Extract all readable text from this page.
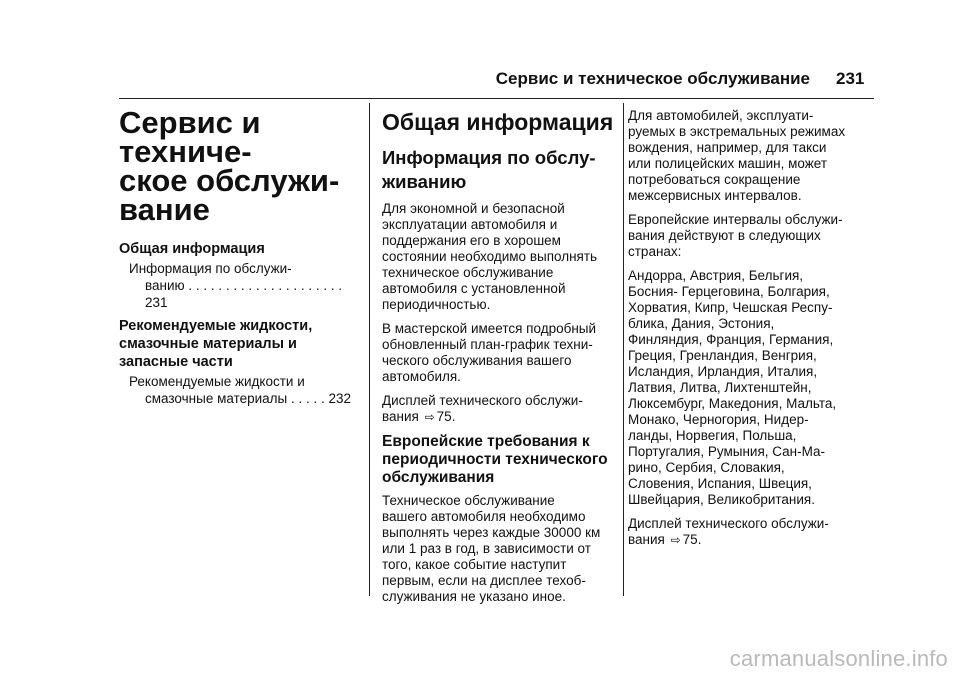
Сервис и техническое обслуживание 231
Сервис и техниче-
ское обслужи-
вание
Общая информация
Информация по обслужи-
ванию . . . . . . . . . . . . . . . . . . . . . 231
Рекомендуемые жидкости,
смазочные материалы и
запасные части
Рекомендуемые жидкости и
смазочные материалы . . . . . 232
Общая информация
Информация по обслу-
живанию

Для экономной и безопасной
эксплуатации автомобиля и
поддержания его в хорошем
состоянии необходимо выполнять
техническое обслуживание
автомобиля с установленной
периодичностью.

В мастерской имеется подробный
обновленный план-график техни-
ческого обслуживания вашего
автомобиля.

Дисплей технического обслужи-
вания ⇨ 75.

Европейские требования к
периодичности технического
обслуживания

Техническое обслуживание
вашего автомобиля необходимо
выполнять через каждые 30000 км
или 1 раз в год, в зависимости от
того, какое событие наступит
первым, если на дисплее техоб-
служивания не указано иное.

Для автомобилей, эксплуати-
руемых в экстремальных режимах
вождения, например, для такси
или полицейских машин, может
потребоваться сокращение
межсервисных интервалов.

Европейские интервалы обслужи-
вания действуют в следующих
странах:

Андорра, Австрия, Бельгия,
Босния- Герцеговина, Болгария,
Хорватия, Кипр, Чешская Респу-
блика, Дания, Эстония,
Финляндия, Франция, Германия,
Греция, Гренландия, Венгрия,
Исландия, Ирландия, Италия,
Латвия, Литва, Лихтенштейн,
Люксембург, Македония, Мальта,
Монако, Черногория, Нидер-
ланды, Норвегия, Польша,
Португалия, Румыния, Сан-Ма-
рино, Сербия, Словакия,
Словения, Испания, Швеция,
Швейцария, Великобритания.

Дисплей технического обслужи-
вания ⇨ 75.

carmanualsonline.info
